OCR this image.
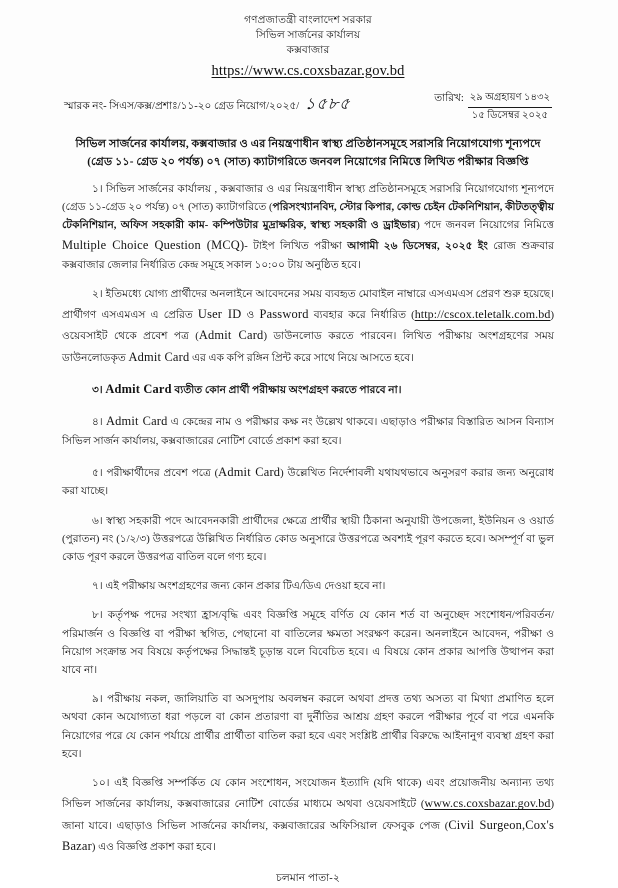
গণপ্রজাতন্ত্রী বাংলাদেশ সরকার
সিভিল সার্জনের কার্যালয়
কক্সবাজার
https://www.cs.coxsbazar.gov.bd
স্মারক নং- সিএস/কক্স/প্রশাঃ/১১-২০ গ্রেড নিয়োগ/২০২৫/ ১৫৮৫	তারিখ: ২৯ অগ্রহায়ণ ১৪৩২
১৫ ডিসেম্বর ২০২৫
সিভিল সার্জনের কার্যালয়, কক্সবাজার ও এর নিয়ন্ত্রণাধীন স্বাস্থ্য প্রতিষ্ঠানসমূহে সরাসরি নিয়োগযোগ্য শূন্যপদে (গ্রেড ১১- গ্রেড ২০ পর্যন্ত) ০৭ (সাত) ক্যাটাগরিতে জনবল নিয়োগের নিমিত্তে লিখিত পরীক্ষার বিজ্ঞপ্তি

১। সিভিল সার্জনের কার্যালয় , কক্সবাজার ও এর নিয়ন্ত্রণাধীন স্বাস্থ্য প্রতিষ্ঠানসমূহে সরাসরি নিয়োগযোগ্য শূন্যপদে (গ্রেড ১১-গ্রেড ২০ পর্যন্ত) ০৭ (সাত) ক্যাটাগরিতে (পরিসংখ্যানবিদ, স্টোর কিপার, কোল্ড চেইন টেকনিশিয়ান, কীটতত্ত্বীয় টেকনিশিয়ান, অফিস সহকারী কাম- কম্পিউটার মুদ্রাক্ষরিক, স্বাস্থ্য সহকারী ও ড্রাইভার) পদে জনবল নিয়োগের নিমিত্তে Multiple Choice Question (MCQ)- টাইপ লিখিত পরীক্ষা আগামী ২৬ ডিসেম্বর, ২০২৫ ইং রোজ শুক্রবার কক্সবাজার জেলার নির্ধারিত কেন্দ্র সমূহে সকাল ১০:০০ টায় অনুষ্ঠিত হবে।

২। ইতিমধ্যে যোগ্য প্রার্থীদের অনলাইনে আবেদনের সময় ব্যবহৃত মোবাইল নাম্বারে এসএমএস প্রেরণ শুরু হয়েছে। প্রার্থীগণ এসএমএস এ প্রেরিত User ID ও Password ব্যবহার করে নির্ধারিত (http://cscox.teletalk.com.bd) ওয়েবসাইট থেকে প্রবেশ পত্র (Admit Card) ডাউনলোড করতে পারবেন। লিখিত পরীক্ষায় অংশগ্রহণের সময় ডাউনলোডকৃত Admit Card এর এক কপি রঙ্গিন প্রিন্ট করে সাথে নিয়ে আসতে হবে।

৩। Admit Card ব্যতীত কোন প্রার্থী পরীক্ষায় অংশগ্রহণ করতে পারবে না।

৪। Admit Card এ কেন্দ্রের নাম ও পরীক্ষার কক্ষ নং উল্লেখ থাকবে। এছাড়াও পরীক্ষার বিস্তারিত আসন বিন্যাস সিভিল সার্জন কার্যালয়, কক্সবাজারের নোটিশ বোর্ডে প্রকাশ করা হবে।

৫। পরীক্ষার্থীদের প্রবেশ পত্রে (Admit Card) উল্লেখিত নির্দেশাবলী যথাযথভাবে অনুসরণ করার জন্য অনুরোধ করা যাচ্ছে।

৬। স্বাস্থ্য সহকারী পদে আবেদনকারী প্রার্থীদের ক্ষেত্রে প্রার্থীর স্থায়ী ঠিকানা অনুযায়ী উপজেলা, ইউনিয়ন ও ওয়ার্ড (পুরাতন) নং (১/২/৩) উত্তরপত্রে উল্লিখিত নির্ধারিত কোড অনুসারে উত্তরপত্রে অবশ্যই পূরণ করতে হবে। অসম্পূর্ণ বা ভুল কোড পূরণ করলে উত্তরপত্র বাতিল বলে গণ্য হবে।

৭। এই পরীক্ষায় অংশগ্রহণের জন্য কোন প্রকার টিএ/ডিএ দেওয়া হবে না।

৮। কর্তৃপক্ষ পদের সংখ্যা হ্রাস/বৃদ্ধি এবং বিজ্ঞপ্তি সমূহে বর্ণিত যে কোন শর্ত বা অনুচ্ছেদ সংশোধন/পরিবর্তন/পরিমার্জন ও বিজ্ঞপ্তি বা পরীক্ষা স্থগিত, পেছানো বা বাতিলের ক্ষমতা সংরক্ষণ করেন। অনলাইনে আবেদন, পরীক্ষা ও নিয়োগ সংক্রান্ত সব বিষয়ে কর্তৃপক্ষের সিদ্ধান্তই চূড়ান্ত বলে বিবেচিত হবে। এ বিষয়ে কোন প্রকার আপত্তি উত্থাপন করা যাবে না।

৯। পরীক্ষায় নকল, জালিয়াতি বা অসদুপায় অবলম্বন করলে অথবা প্রদত্ত তথ্য অসত্য বা মিথ্যা প্রমাণিত হলে অথবা কোন অযোগ্যতা ধরা পড়লে বা কোন প্রতারণা বা দুর্নীতির আশ্রয় গ্রহণ করলে পরীক্ষার পূর্বে বা পরে এমনকি নিয়োগের পরে যে কোন পর্যায়ে প্রার্থীর প্রার্থীতা বাতিল করা হবে এবং সংশ্লিষ্ট প্রার্থীর বিরুদ্ধে আইনানুগ ব্যবস্থা গ্রহণ করা হবে।

১০। এই বিজ্ঞপ্তি সম্পর্কিত যে কোন সংশোধন, সংযোজন ইত্যাদি (যদি থাকে) এবং প্রয়োজনীয় অন্যান্য তথ্য সিভিল সার্জনের কার্যালয়, কক্সবাজারের নোটিশ বোর্ডের মাধ্যমে অথবা ওয়েবসাইটে (www.cs.coxsbazar.gov.bd) জানা যাবে। এছাড়াও সিভিল সার্জনের কার্যালয়, কক্সবাজারের অফিসিয়াল ফেসবুক পেজ (Civil Surgeon,Cox's Bazar) এও বিজ্ঞপ্তি প্রকাশ করা হবে।

চলমান পাতা-২
